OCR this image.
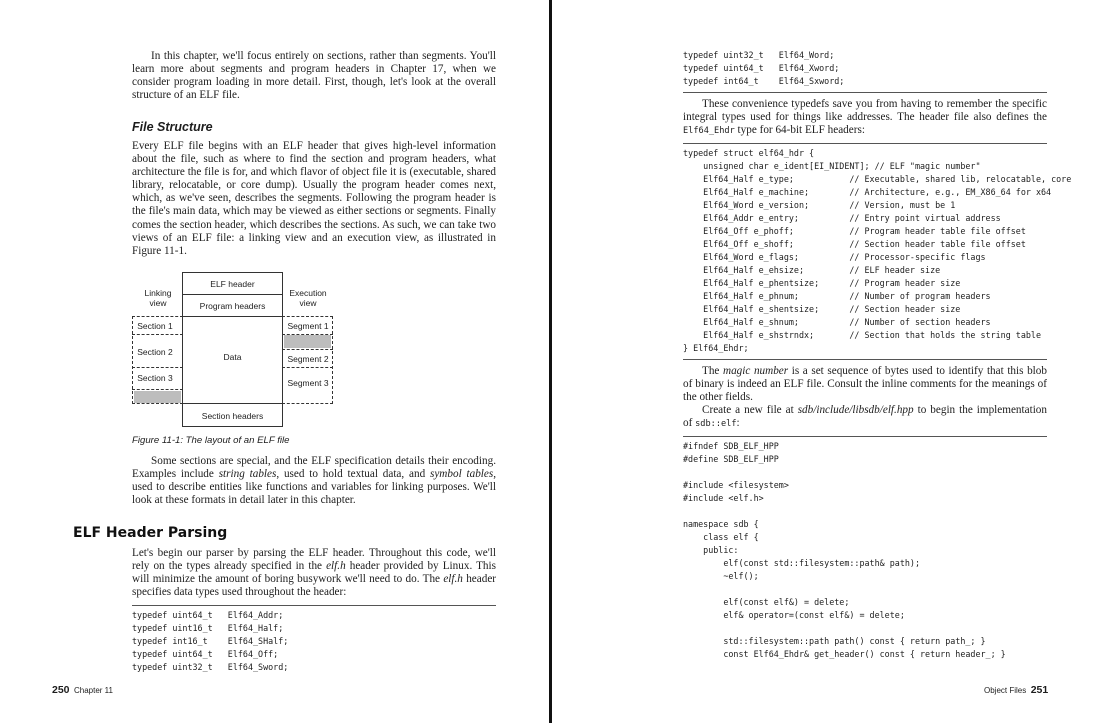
In this chapter, we'll focus entirely on sections, rather than segments. You'll learn more about segments and program headers in Chapter 17, when we consider program loading in more detail. First, though, let's look at the overall structure of an ELF file.

File Structure

Every ELF file begins with an ELF header that gives high-level information about the file, such as where to find the section and program headers, what architecture the file is for, and which flavor of object file it is (executable, shared library, relocatable, or core dump). Usually the program header comes next, which, as we've seen, describes the segments. Following the program header is the file's main data, which may be viewed as either sections or segments. Finally comes the section header, which describes the sections. As such, we can take two views of an ELF file: a linking view and an execution view, as illustrated in Figure 11-1.

Linking
view

Execution
view

ELF header

Program headers

Data

Section headers

Section 1

Section 2

Section 3

Segment 1

Segment 2

Segment 3

Figure 11-1: The layout of an ELF file

Some sections are special, and the ELF specification details their encoding. Examples include string tables, used to hold textual data, and symbol tables, used to describe entities like functions and variables for linking purposes. We'll look at these formats in detail later in this chapter.

ELF Header Parsing

Let's begin our parser by parsing the ELF header. Throughout this code, we'll rely on the types already specified in the elf.h header provided by Linux. This will minimize the amount of boring busywork we'll need to do. The elf.h header specifies data types used throughout the header:

typedef uint64_t   Elf64_Addr;
typedef uint16_t   Elf64_Half;
typedef int16_t    Elf64_SHalf;
typedef uint64_t   Elf64_Off;
typedef uint32_t   Elf64_Sword;

250 Chapter 11

typedef uint32_t   Elf64_Word;
typedef uint64_t   Elf64_Xword;
typedef int64_t    Elf64_Sxword;

These convenience typedefs save you from having to remember the specific integral types used for things like addresses. The header file also defines the Elf64_Ehdr type for 64-bit ELF headers:

typedef struct elf64_hdr {
unsigned char e_ident[EI_NIDENT]; // ELF "magic number"
Elf64_Half e_type;           // Executable, shared lib, relocatable, core
Elf64_Half e_machine;        // Architecture, e.g., EM_X86_64 for x64
Elf64_Word e_version;        // Version, must be 1
Elf64_Addr e_entry;          // Entry point virtual address
Elf64_Off e_phoff;           // Program header table file offset
Elf64_Off e_shoff;           // Section header table file offset
Elf64_Word e_flags;          // Processor-specific flags
Elf64_Half e_ehsize;         // ELF header size
Elf64_Half e_phentsize;      // Program header size
Elf64_Half e_phnum;          // Number of program headers
Elf64_Half e_shentsize;      // Section header size
Elf64_Half e_shnum;          // Number of section headers
Elf64_Half e_shstrndx;       // Section that holds the string table
} Elf64_Ehdr;

The magic number is a set sequence of bytes used to identify that this blob of binary is indeed an ELF file. Consult the inline comments for the meanings of the other fields.

Create a new file at sdb/include/libsdb/elf.hpp to begin the implementation of sdb::elf:

#ifndef SDB_ELF_HPP
#define SDB_ELF_HPP

#include <filesystem>
#include <elf.h>

namespace sdb {
class elf {
public:
elf(const std::filesystem::path& path);
~elf();

elf(const elf&) = delete;
elf& operator=(const elf&) = delete;

std::filesystem::path path() const { return path_; }
const Elf64_Ehdr& get_header() const { return header_; }

Object Files 251
